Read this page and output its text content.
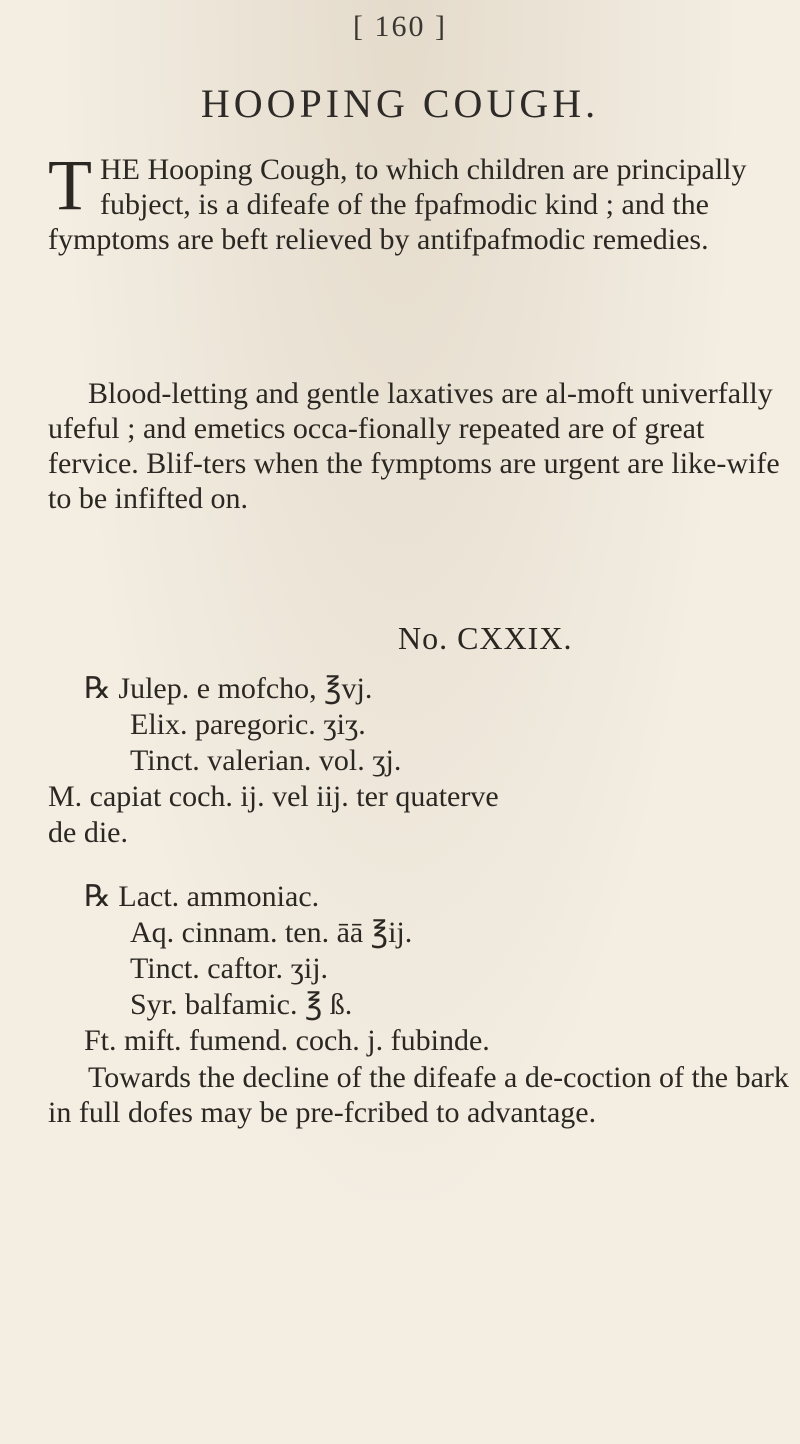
[ 160 ]
HOOPING COUGH.
THE Hooping Cough, to which children are principally fubject, is a difeafe of the fpafmodic kind ; and the fymptoms are beft relieved by antifpafmodic remedies.
Blood-letting and gentle laxatives are al-moft univerfally ufeful ; and emetics occa-fionally repeated are of great fervice. Blif-ters when the fymptoms are urgent are like-wife to be infifted on.
No. CXXIX.
℞ Julep. e mofcho, ℥vj.
Elix. paregoric. ʒiʒ.
Tinct. valerian. vol. ʒj.
M. capiat coch. ij. vel iij. ter quaterve
de die.
℞ Lact. ammoniac.
Aq. cinnam. ten. āā ℥ij.
Tinct. caftor. ʒij.
Syr. balfamic. ℥ ß.
Ft. mift. fumend. coch. j. fubinde.
Towards the decline of the difeafe a de-coction of the bark in full dofes may be pre-fcribed to advantage.
